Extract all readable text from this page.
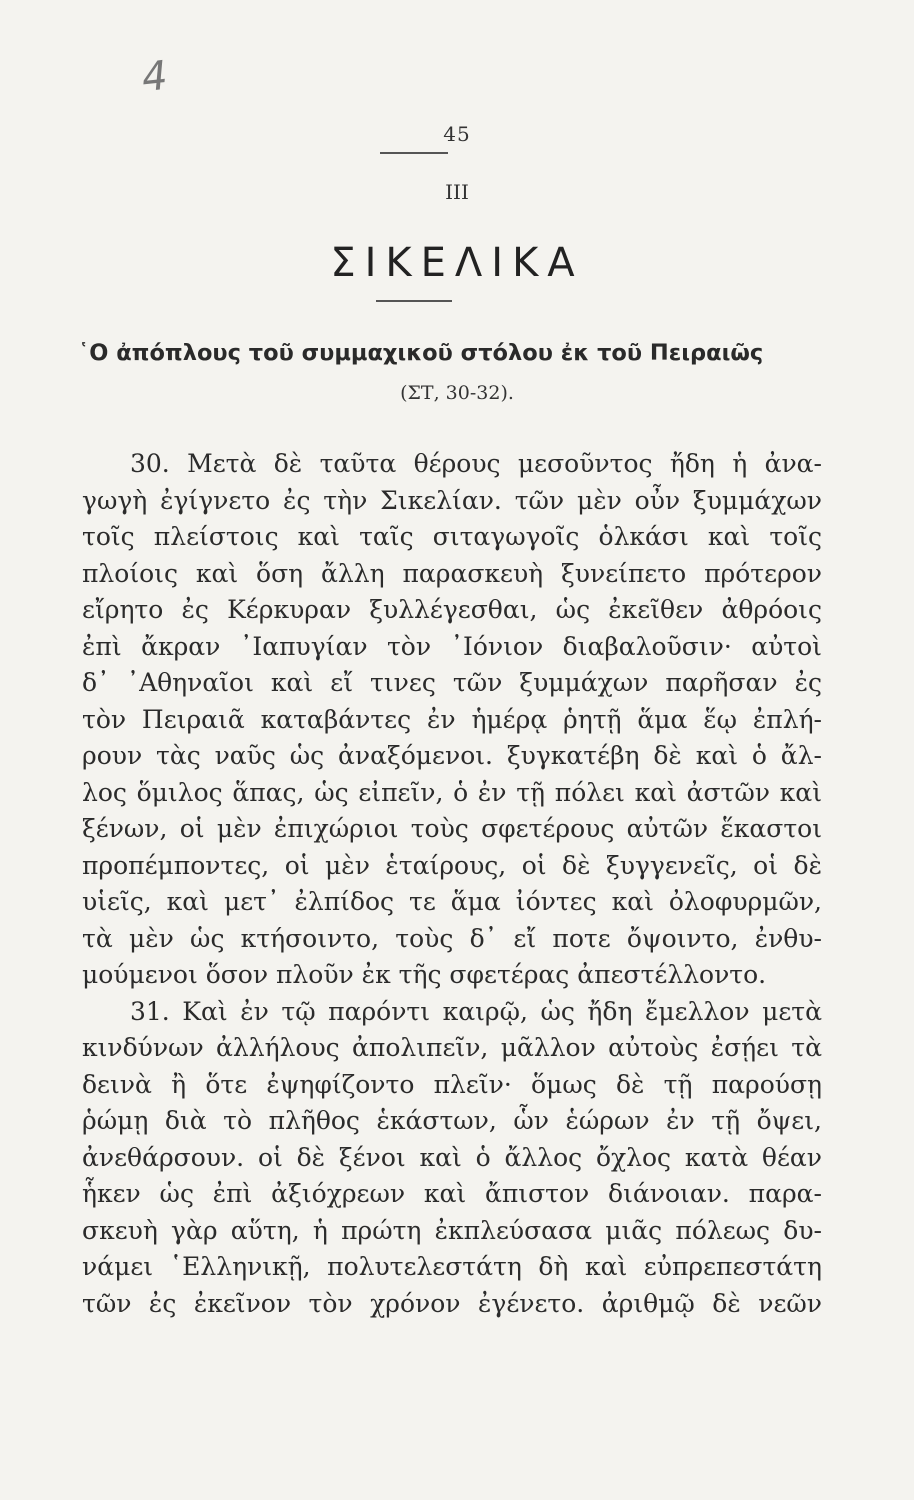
4
45
III
ΣΙΚΕΛΙΚΑ
῾Ο ἀπόπλους τοῦ συμμαχικοῦ στόλου ἐκ τοῦ Πειραιῶς
(ΣΤ, 30-32).
30. Μετὰ δὲ ταῦτα θέρους μεσοῦντος ἤδη ἡ ἀνα-
γωγὴ ἐγίγνετο ἐς τὴν Σικελίαν. τῶν μὲν οὖν ξυμμάχων
τοῖς πλείστοις καὶ ταῖς σιταγωγοῖς ὁλκάσι καὶ τοῖς
πλοίοις καὶ ὅση ἄλλη παρασκευὴ ξυνείπετο πρότερον
εἴρητο ἐς Κέρκυραν ξυλλέγεσθαι, ὡς ἐκεῖθεν ἀθρόοις
ἐπὶ ἄκραν ᾽Ιαπυγίαν τὸν ᾽Ιόνιον διαβαλοῦσιν· αὐτοὶ
δ᾽ ᾽Αθηναῖοι καὶ εἴ τινες τῶν ξυμμάχων παρῆσαν ἐς
τὸν Πειραιᾶ καταβάντες ἐν ἡμέρᾳ ῥητῇ ἅμα ἕῳ ἐπλή-
ρουν τὰς ναῦς ὡς ἀναξόμενοι. ξυγκατέβη δὲ καὶ ὁ ἄλ-
λος ὅμιλος ἅπας, ὡς εἰπεῖν, ὁ ἐν τῇ πόλει καὶ ἀστῶν καὶ
ξένων, οἱ μὲν ἐπιχώριοι τοὺς σφετέρους αὐτῶν ἕκαστοι
προπέμποντες, οἱ μὲν ἑταίρους, οἱ δὲ ξυγγενεῖς, οἱ δὲ
υἱεῖς, καὶ μετ᾽ ἐλπίδος τε ἅμα ἰόντες καὶ ὀλοφυρμῶν,
τὰ μὲν ὡς κτήσοιντο, τοὺς δ᾽ εἴ ποτε ὄψοιντο, ἐνθυ-
μούμενοι ὅσον πλοῦν ἐκ τῆς σφετέρας ἀπεστέλλοντο.
31. Καὶ ἐν τῷ παρόντι καιρῷ, ὡς ἤδη ἔμελλον μετὰ
κινδύνων ἀλλήλους ἀπολιπεῖν, μᾶλλον αὐτοὺς ἐσῄει τὰ
δεινὰ ἢ ὅτε ἐψηφίζοντο πλεῖν· ὅμως δὲ τῇ παρούσῃ
ῥώμῃ διὰ τὸ πλῆθος ἑκάστων, ὧν ἑώρων ἐν τῇ ὄψει,
ἀνεθάρσουν. οἱ δὲ ξένοι καὶ ὁ ἄλλος ὄχλος κατὰ θέαν
ἧκεν ὡς ἐπὶ ἀξιόχρεων καὶ ἄπιστον διάνοιαν. παρα-
σκευὴ γὰρ αὕτη, ἡ πρώτη ἐκπλεύσασα μιᾶς πόλεως δυ-
νάμει ῾Ελληνικῇ, πολυτελεστάτη δὴ καὶ εὐπρεπεστάτη
τῶν ἐς ἐκεῖνον τὸν χρόνον ἐγένετο. ἀριθμῷ δὲ νεῶν
